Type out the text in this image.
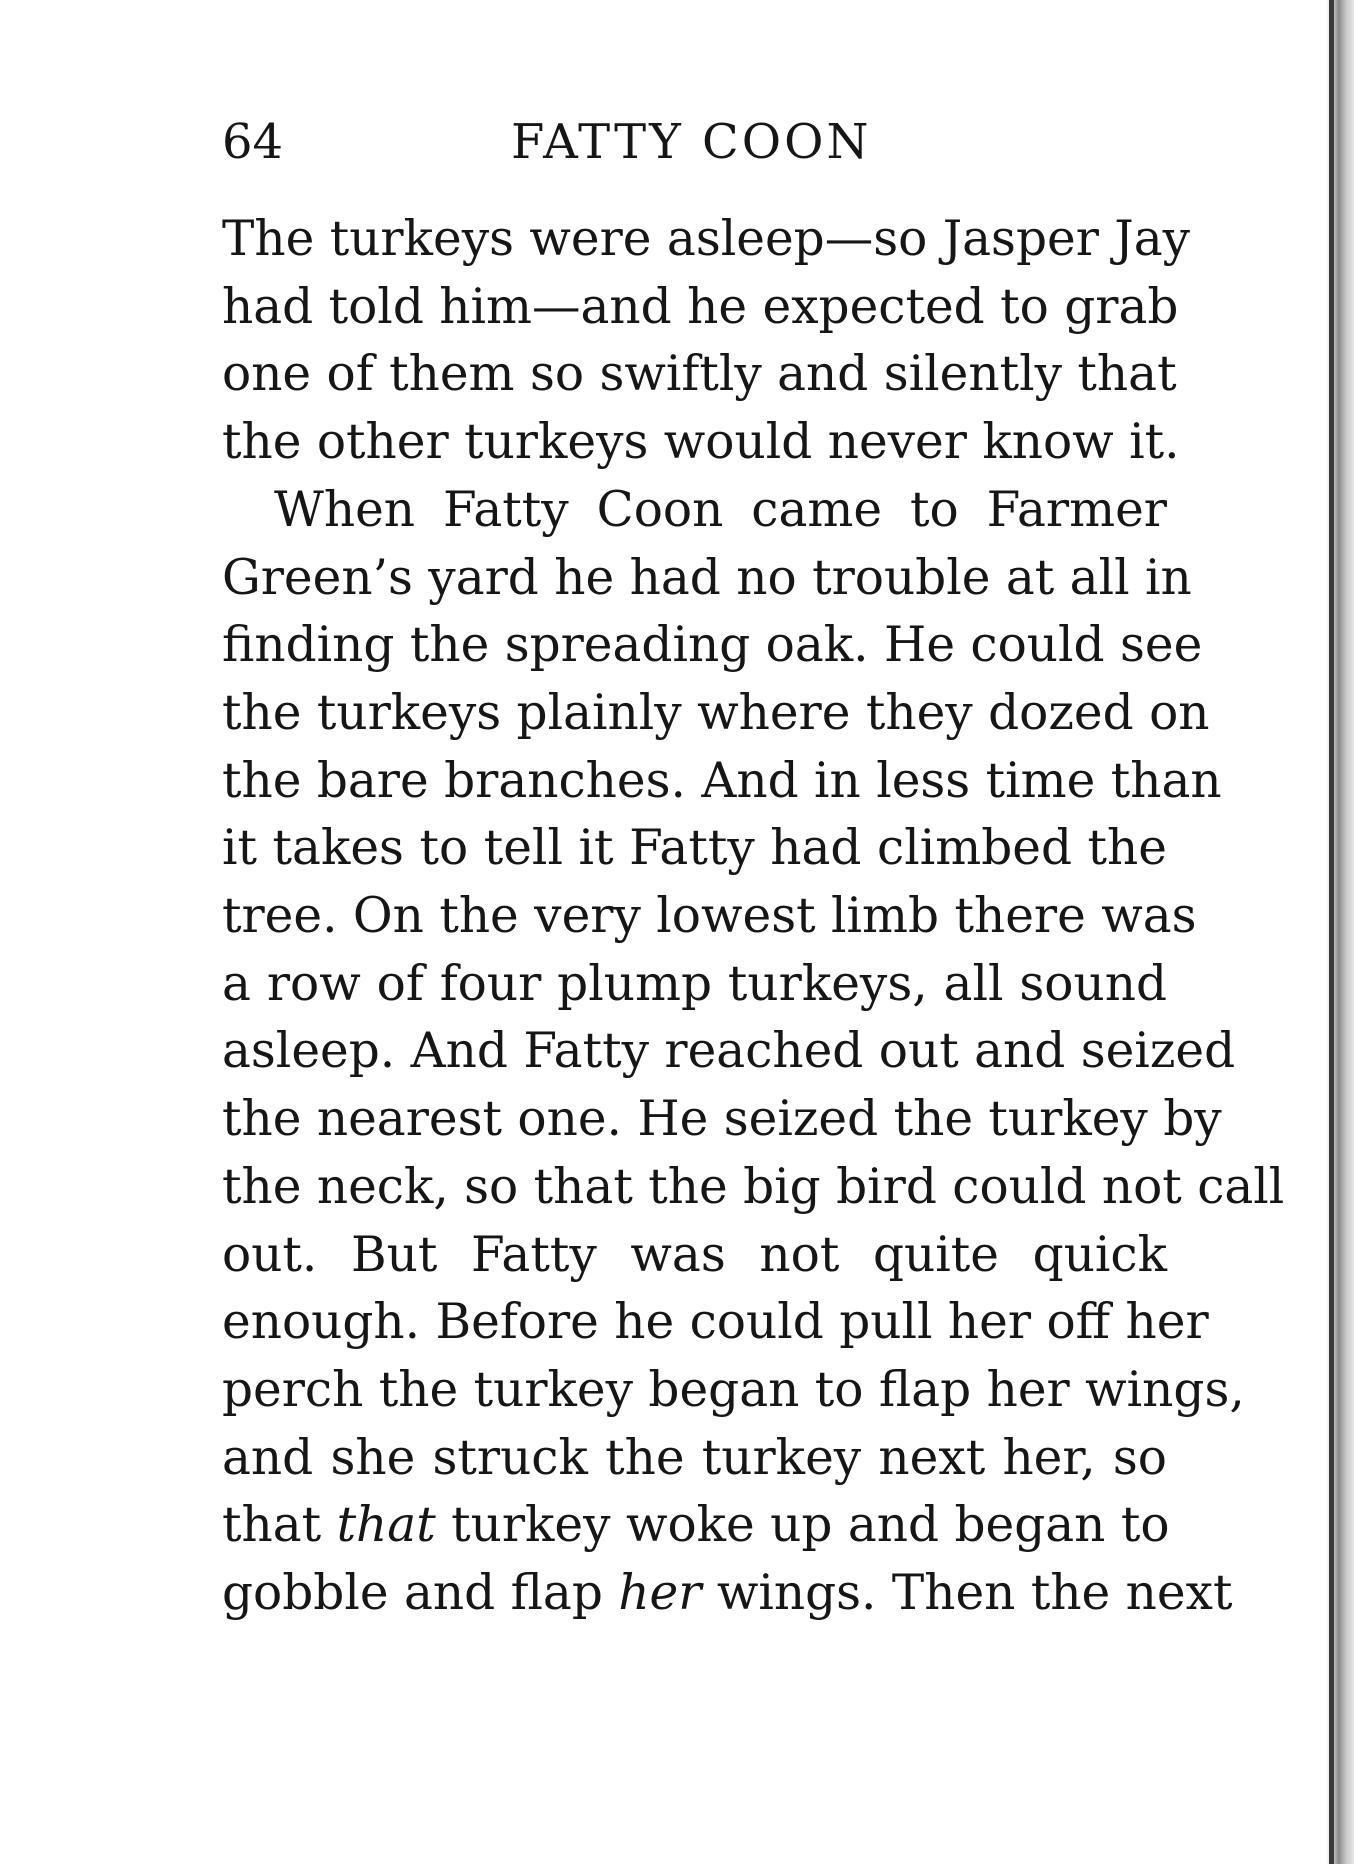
64	FATTY COON

The turkeys were asleep—so Jasper Jay
had told him—and he expected to grab
one of them so swiftly and silently that
the other turkeys would never know it.

When Fatty Coon came to Farmer
Green’s yard he had no trouble at all in
finding the spreading oak. He could see
the turkeys plainly where they dozed on
the bare branches. And in less time than
it takes to tell it Fatty had climbed the
tree. On the very lowest limb there was
a row of four plump turkeys, all sound
asleep. And Fatty reached out and seized
the nearest one. He seized the turkey by
the neck, so that the big bird could not call
out. But Fatty was not quite quick
enough. Before he could pull her off her
perch the turkey began to flap her wings,
and she struck the turkey next her, so
that that turkey woke up and began to
gobble and flap her wings. Then the next
